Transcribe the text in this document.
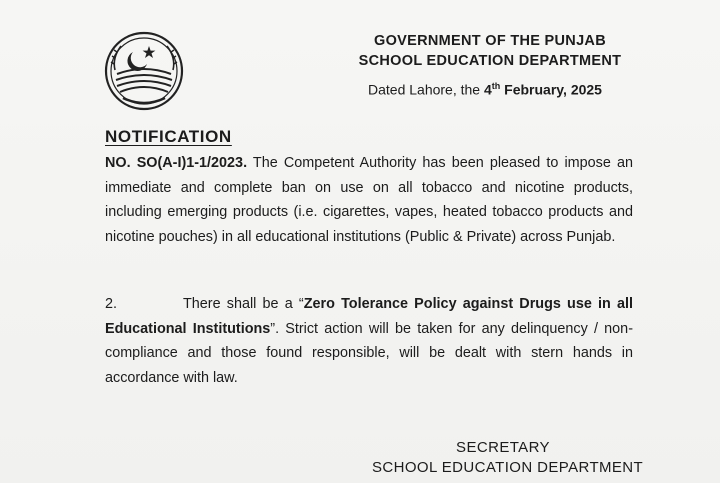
GOVERNMENT OF THE PUNJAB
SCHOOL EDUCATION DEPARTMENT
Dated Lahore, the 4th February, 2025
NOTIFICATION
NO. SO(A-I)1-1/2023. The Competent Authority has been pleased to impose an immediate and complete ban on use on all tobacco and nicotine products, including emerging products (i.e. cigarettes, vapes, heated tobacco products and nicotine pouches) in all educational institutions (Public & Private) across Punjab.
2.	There shall be a “Zero Tolerance Policy against Drugs use in all Educational Institutions”. Strict action will be taken for any delinquency / non-compliance and those found responsible, will be dealt with stern hands in accordance with law.
SECRETARY
SCHOOL EDUCATION DEPARTMENT
